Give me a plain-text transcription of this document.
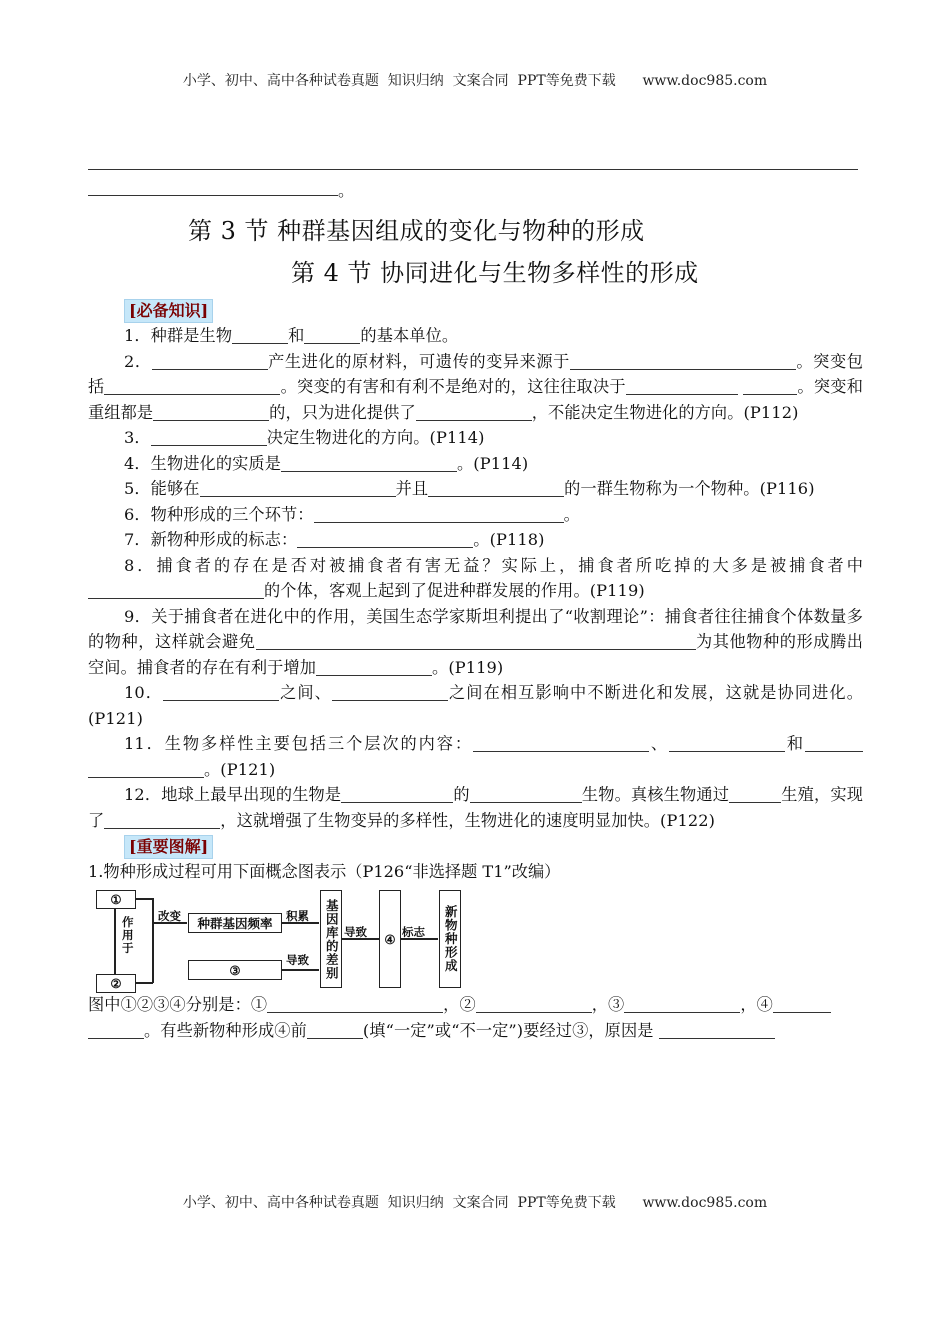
小学、初中、高中各种试卷真题  知识归纳  文案合同  PPT等免费下载      www.doc985.com
。
第 3 节 种群基因组成的变化与物种的形成
第 4 节 协同进化与生物多样性的形成
[必备知识]
1．种群是生物	和	的基本单位。
2．	产生进化的原材料，可遗传的变异来源于	。突变包括	。突变的有害和有利不是绝对的，这往往取决于	。突变和重组都是	的，只为进化提供了	，不能决定生物进化的方向。(P112)
3．	决定生物进化的方向。(P114)
4．生物进化的实质是	。(P114)
5．能够在	并且	的一群生物称为一个物种。(P116)
6．物种形成的三个环节：	。
7．新物种形成的标志：	。(P118)
8．捕食者的存在是否对被捕食者有害无益？实际上，捕食者所吃掉的大多是被捕食者中的个体，客观上起到了促进种群发展的作用。(P119)
9．关于捕食者在进化中的作用，美国生态学家斯坦利提出了“收割理论”：捕食者往往捕食个体数量多的物种，这样就会避免	为其他物种的形成腾出空间。捕食者的存在有利于增加	。(P119)
10．	之间、	之间在相互影响中不断进化和发展，这就是协同进化。(P121)
11．生物多样性主要包括三个层次的内容：	、	和 。(P121)
12．地球上最早出现的生物是	的	生物。真核生物通过	生殖，实现了	，这就增强了生物变异的多样性，生物进化的速度明显加快。(P122)
[重要图解]
1.物种形成过程可用下面概念图表示（P126“非选择题 T1”改编）
①
②
作用于
改变	种群基因频率	积累
③
导致	基因库的差别 导致	④ 标志	新物种形成
图中①②③④分别是：①	，②	，③	，④
。有些新物种形成④前	(填“一定”或“不一定”)要经过③，原因是
小学、初中、高中各种试卷真题  知识归纳  文案合同  PPT等免费下载      www.doc985.com
